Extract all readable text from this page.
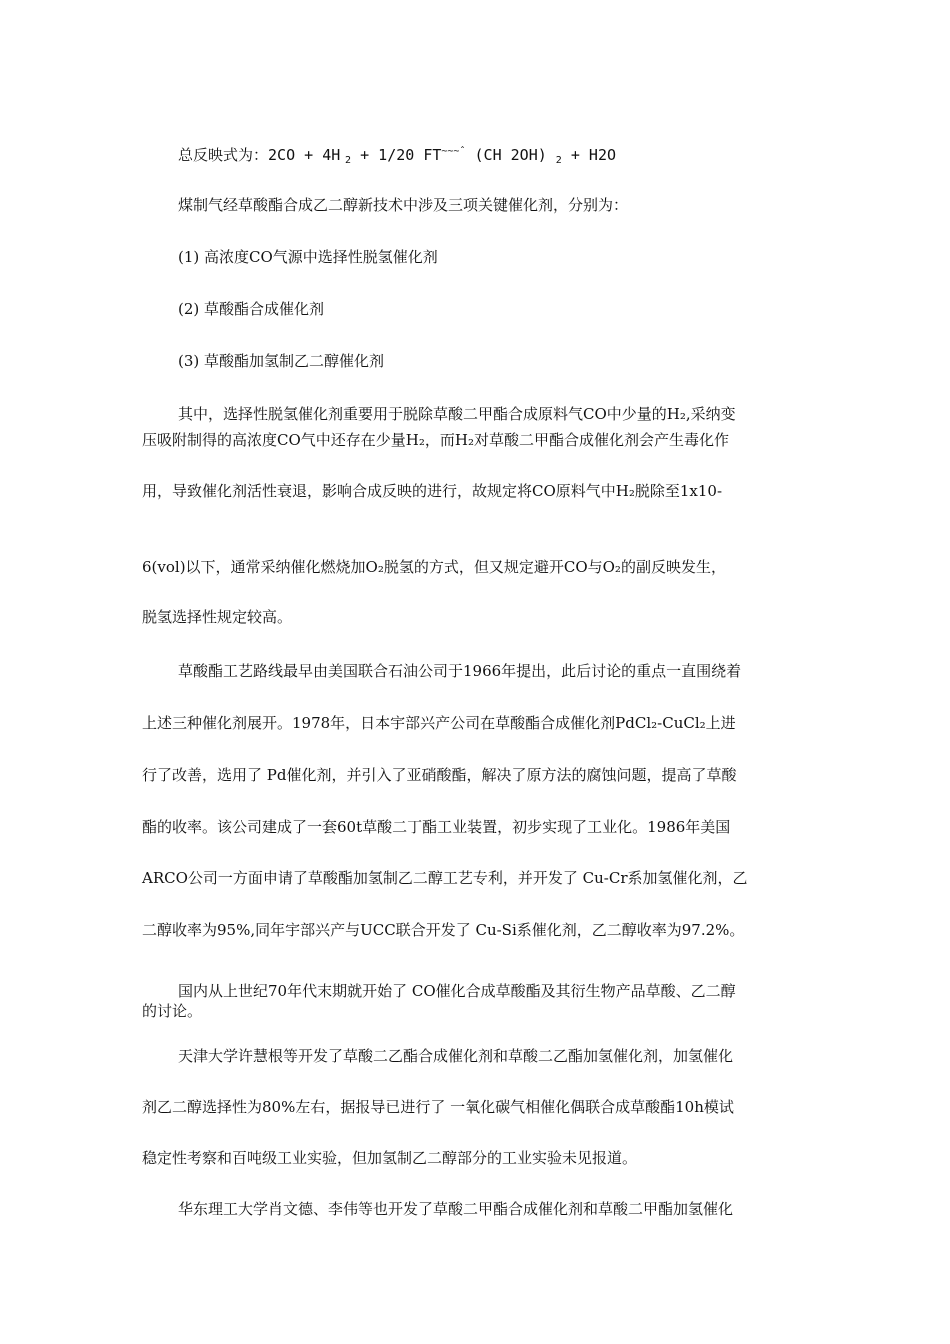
总反映式为：2CO + 4H $_2$ + 1/20 $FT^{\sim\sim\sim ˆ}$ (CH 2OH) $_2$ + H2O
煤制气经草酸酯合成乙二醇新技术中涉及三项关键催化剂，分别为：
(1) 高浓度CO气源中选择性脱氢催化剂
(2) 草酸酯合成催化剂
(3) 草酸酯加氢制乙二醇催化剂
其中，选择性脱氢催化剂重要用于脱除草酸二甲酯合成原料气CO中少量的H₂,采纳变
压吸附制得的高浓度CO气中还存在少量H₂，而H₂对草酸二甲酯合成催化剂会产生毒化作
用，导致催化剂活性衰退，影响合成反映的进行，故规定将CO原料气中H₂脱除至1x10-
6(vol)以下，通常采纳催化燃烧加O₂脱氢的方式，但又规定避开CO与O₂的副反映发生，
脱氢选择性规定较高。
草酸酯工艺路线最早由美国联合石油公司于1966年提出，此后讨论的重点一直围绕着
上述三种催化剂展开。1978年，日本宇部兴产公司在草酸酯合成催化剂PdCl₂-CuCl₂上进
行了改善，选用了 Pd催化剂，并引入了亚硝酸酯，解决了原方法的腐蚀问题，提高了草酸
酯的收率。该公司建成了一套60t草酸二丁酯工业装置，初步实现了工业化。1986年美国
ARCO公司一方面申请了草酸酯加氢制乙二醇工艺专利，并开发了 Cu-Cr系加氢催化剂，乙
二醇收率为95%,同年宇部兴产与UCC联合开发了 Cu-Si系催化剂，乙二醇收率为97.2%。
国内从上世纪70年代末期就开始了 CO催化合成草酸酯及其衍生物产品草酸、乙二醇
的讨论。
天津大学许慧根等开发了草酸二乙酯合成催化剂和草酸二乙酯加氢催化剂，加氢催化
剂乙二醇选择性为80%左右，据报导已进行了 一氧化碳气相催化偶联合成草酸酯10h模试
稳定性考察和百吨级工业实验，但加氢制乙二醇部分的工业实验未见报道。
华东理工大学肖文德、李伟等也开发了草酸二甲酯合成催化剂和草酸二甲酯加氢催化
